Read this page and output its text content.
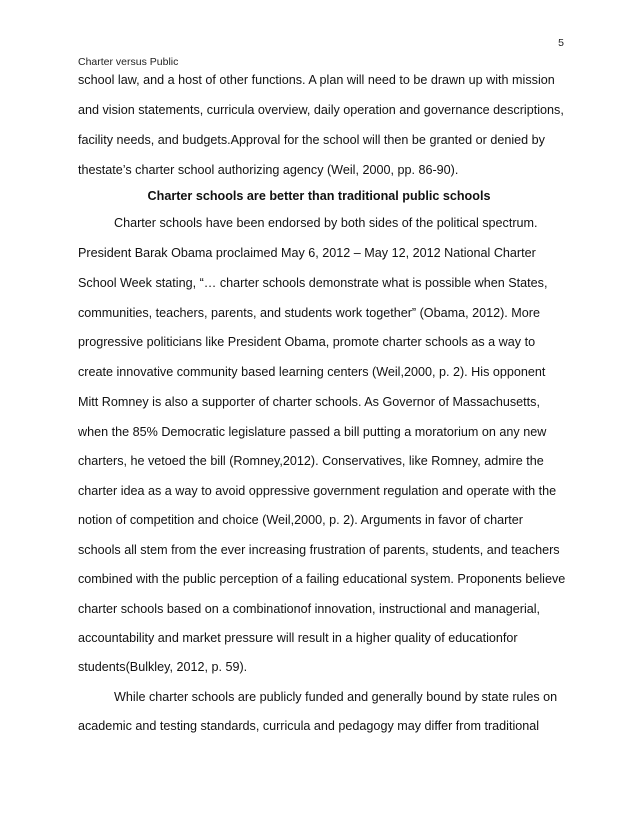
5
Charter versus Public
school law, and a host of other functions. A plan will need to be drawn up with mission
and vision statements, curricula overview, daily operation and governance descriptions,
facility needs, and budgets.Approval for the school will then be granted or denied by
thestate’s charter school authorizing agency (Weil, 2000, pp. 86-90).
Charter schools are better than traditional public schools
Charter schools have been endorsed by both sides of the political spectrum.
President Barak Obama proclaimed May 6, 2012 – May 12, 2012 National Charter
School Week stating, “… charter schools demonstrate what is possible when States,
communities, teachers, parents, and students work together” (Obama, 2012). More
progressive politicians like President Obama, promote charter schools as a way to
create innovative community based learning centers (Weil,2000, p. 2). His opponent
Mitt Romney is also a supporter of charter schools. As Governor of Massachusetts,
when the 85% Democratic legislature passed a bill putting a moratorium on any new
charters, he vetoed the bill (Romney,2012). Conservatives, like Romney, admire the
charter idea as a way to avoid oppressive government regulation and operate with the
notion of competition and choice (Weil,2000, p. 2). Arguments in favor of charter
schools all stem from the ever increasing frustration of parents, students, and teachers
combined with the public perception of a failing educational system. Proponents believe
charter schools based on a combinationof innovation, instructional and managerial,
accountability and market pressure will result in a higher quality of educationfor
students(Bulkley, 2012, p. 59).
While charter schools are publicly funded and generally bound by state rules on
academic and testing standards, curricula and pedagogy may differ from traditional
